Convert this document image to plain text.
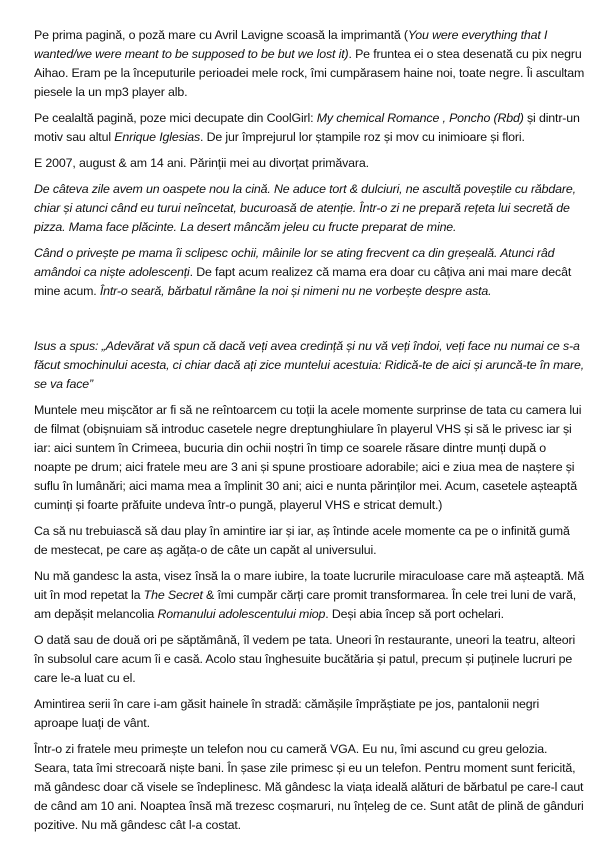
Pe prima pagină, o poză mare cu Avril Lavigne scoasă la imprimantă (You were everything that I wanted/we were meant to be supposed to be but we lost it). Pe fruntea ei o stea desenată cu pix negru Aihao. Eram pe la începuturile perioadei mele rock, îmi cumpărasem haine noi, toate negre. Îi ascultam piesele la un mp3 player alb.

Pe cealaltă pagină, poze mici decupate din CoolGirl: My chemical Romance , Poncho (Rbd) și dintr-un motiv sau altul Enrique Iglesias. De jur împrejurul lor ștampile roz și mov cu inimioare și flori.

E 2007, august & am 14 ani. Părinții mei au divorțat primăvara.

De câteva zile avem un oaspete nou la cină. Ne aduce tort & dulciuri, ne ascultă poveștile cu răbdare, chiar și atunci când eu turui neîncetat, bucuroasă de atenție. Într-o zi ne prepară rețeta lui secretă de pizza. Mama face plăcinte. La desert mâncăm jeleu cu fructe preparat de mine.

Când o privește pe mama îi sclipesc ochii, mâinile lor se ating frecvent ca din greșeală. Atunci râd amândoi ca niște adolescenți. De fapt acum realizez că mama era doar cu câțiva ani mai mare decât mine acum. Într-o seară, bărbatul rămâne la noi și nimeni nu ne vorbește despre asta.

Isus a spus: „Adevărat vă spun că dacă veți avea credință și nu vă veți îndoi, veți face nu numai ce s-a făcut smochinului acesta, ci chiar dacă ați zice muntelui acestuia: Ridică-te de aici și aruncă-te în mare, se va face”

Muntele meu mișcător ar fi să ne reîntoarcem cu toții la acele momente surprinse de tata cu camera lui de filmat (obișnuiam să introduc casetele negre dreptunghiulare în playerul VHS și să le privesc iar și iar: aici suntem în Crimeea, bucuria din ochii noștri în timp ce soarele răsare dintre munți după o noapte pe drum; aici fratele meu are 3 ani și spune prostioare adorabile; aici e ziua mea de naștere și suflu în lumânări; aici mama mea a împlinit 30 ani; aici e nunta părinților mei. Acum, casetele așteaptă cuminți și foarte prăfuite undeva într-o pungă, playerul VHS e stricat demult.)

Ca să nu trebuiască să dau play în amintire iar și iar, aș întinde acele momente ca pe o infinită gumă de mestecat, pe care aș agăța-o de câte un capăt al universului.

Nu mă gandesc la asta, visez însă la o mare iubire, la toate lucrurile miraculoase care mă așteaptă. Mă uit în mod repetat la The Secret & îmi cumpăr cărți care promit transformarea. În cele trei luni de vară, am depășit melancolia Romanului adolescentului miop. Deși abia încep să port ochelari.

O dată sau de două ori pe săptămână, îl vedem pe tata. Uneori în restaurante, uneori la teatru, alteori în subsolul care acum îi e casă. Acolo stau înghesuite bucătăria și patul, precum și puținele lucruri pe care le-a luat cu el.

Amintirea serii în care i-am găsit hainele în stradă: cămășile împrăștiate pe jos, pantalonii negri aproape luați de vânt.

Într-o zi fratele meu primește un telefon nou cu cameră VGA. Eu nu, îmi ascund cu greu gelozia. Seara, tata îmi strecoară niște bani. În șase zile primesc și eu un telefon. Pentru moment sunt fericită, mă gândesc doar că visele se îndeplinesc. Mă gândesc la viața ideală alături de bărbatul pe care-l caut de când am 10 ani. Noaptea însă mă trezesc coșmaruri, nu înțeleg de ce. Sunt atât de plină de gânduri pozitive. Nu mă gândesc cât l-a costat.
